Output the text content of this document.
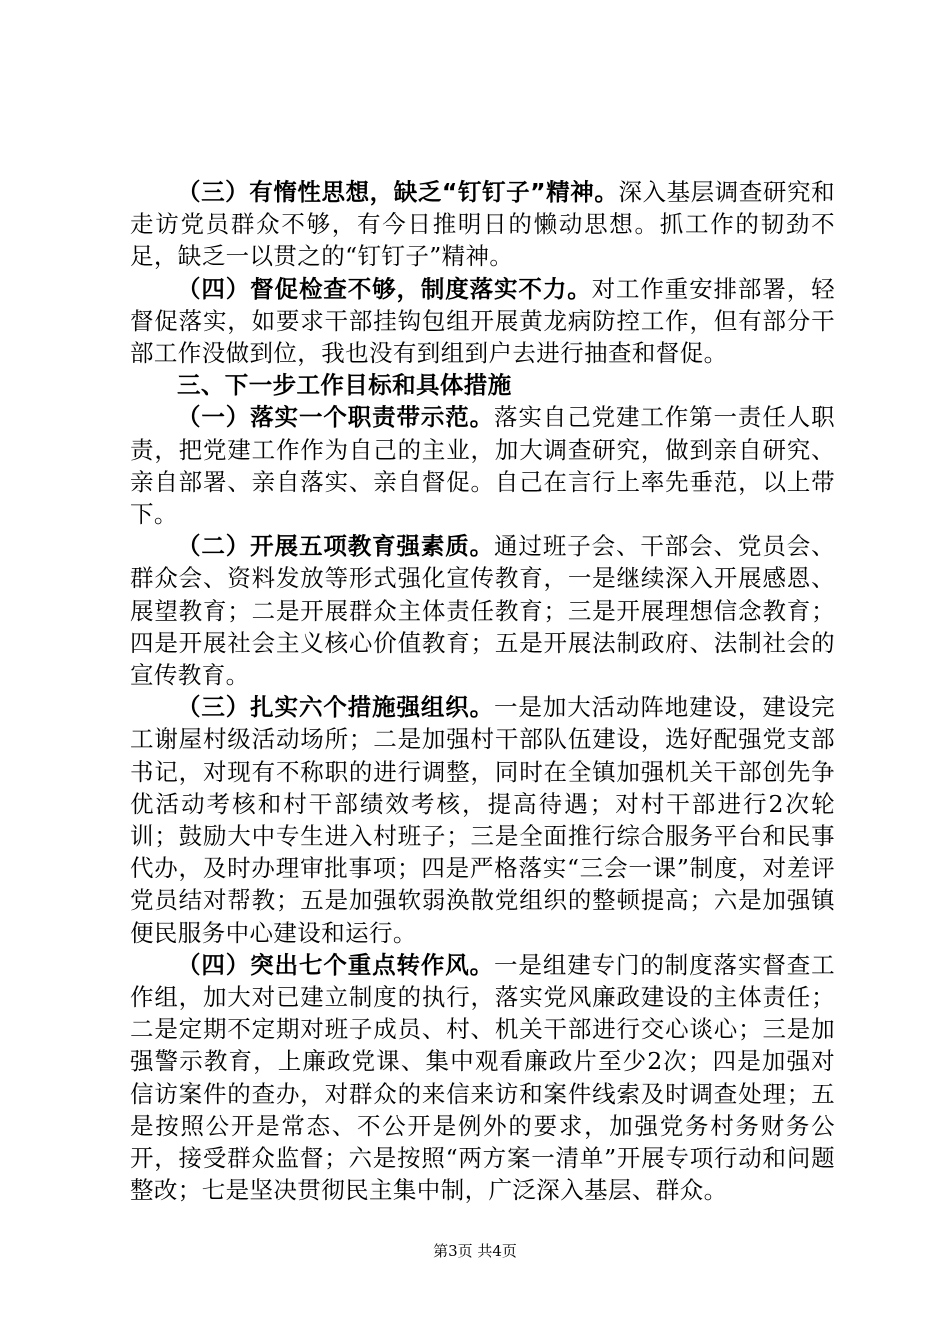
（三）有惰性思想，缺乏“钉钉子”精神。深入基层调查研究和走访党员群众不够，有今日推明日的懒动思想。抓工作的韧劲不足，缺乏一以贯之的“钉钉子”精神。

（四）督促检查不够，制度落实不力。对工作重安排部署，轻督促落实，如要求干部挂钩包组开展黄龙病防控工作，但有部分干部工作没做到位，我也没有到组到户去进行抽查和督促。

三、下一步工作目标和具体措施

（一）落实一个职责带示范。落实自己党建工作第一责任人职责，把党建工作作为自己的主业，加大调查研究，做到亲自研究、亲自部署、亲自落实、亲自督促。自己在言行上率先垂范，以上带下。

（二）开展五项教育强素质。通过班子会、干部会、党员会、群众会、资料发放等形式强化宣传教育，一是继续深入开展感恩、展望教育；二是开展群众主体责任教育；三是开展理想信念教育；四是开展社会主义核心价值教育；五是开展法制政府、法制社会的宣传教育。

（三）扎实六个措施强组织。一是加大活动阵地建设，建设完工谢屋村级活动场所；二是加强村干部队伍建设，选好配强党支部书记，对现有不称职的进行调整，同时在全镇加强机关干部创先争优活动考核和村干部绩效考核，提高待遇；对村干部进行2次轮训；鼓励大中专生进入村班子；三是全面推行综合服务平台和民事代办，及时办理审批事项；四是严格落实“三会一课”制度，对差评党员结对帮教；五是加强软弱涣散党组织的整顿提高；六是加强镇便民服务中心建设和运行。

（四）突出七个重点转作风。一是组建专门的制度落实督查工作组，加大对已建立制度的执行，落实党风廉政建设的主体责任；二是定期不定期对班子成员、村、机关干部进行交心谈心；三是加强警示教育，上廉政党课、集中观看廉政片至少2次；四是加强对信访案件的查办，对群众的来信来访和案件线索及时调查处理；五是按照公开是常态、不公开是例外的要求，加强党务村务财务公开，接受群众监督；六是按照“两方案一清单”开展专项行动和问题整改；七是坚决贯彻民主集中制，广泛深入基层、群众。

第3页 共4页
